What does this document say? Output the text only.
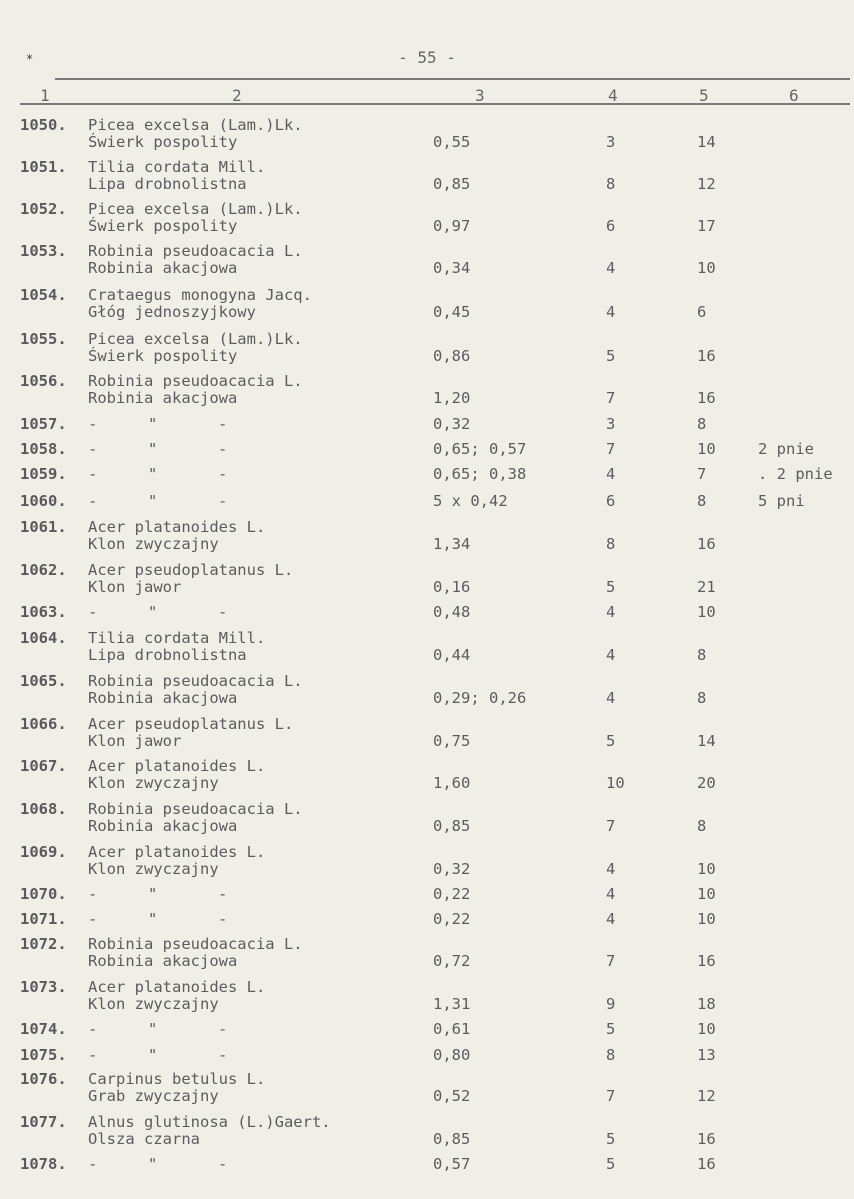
- 55 -
1	2	3	4	5	6
*
1050. Picea excelsa (Lam.)Lk.
Świerk pospolity	0,55	3	14
1051. Tilia cordata Mill.
Lipa drobnolistna	0,85	8	12
1052. Picea excelsa (Lam.)Lk.
Świerk pospolity	0,97	6	17
1053. Robinia pseudoacacia L.
Robinia akacjowa	0,34	4	10
1054. Crataegus monogyna Jacq.
Głóg jednoszyjkowy	0,45	4	6
1055. Picea excelsa (Lam.)Lk.
Świerk pospolity	0,86	5	16
1056. Robinia pseudoacacia L.
Robinia akacjowa	1,20	7	16
1057. -	"	-	0,32	3	8
1058. -	"	-	0,65; 0,57	7	10	2 pnie
1059. -	"	-	0,65; 0,38	4	7	. 2 pnie
1060. -	"	-	5 x 0,42	6	8	5 pni
1061. Acer platanoides L.
Klon zwyczajny	1,34	8	16
1062. Acer pseudoplatanus L.
Klon jawor	0,16	5	21
1063. -	"	-	0,48	4	10
1064. Tilia cordata Mill.
Lipa drobnolistna	0,44	4	8
1065. Robinia pseudoacacia L.
Robinia akacjowa	0,29; 0,26	4	8
1066. Acer pseudoplatanus L.
Klon jawor	0,75	5	14
1067. Acer platanoides L.
Klon zwyczajny	1,60	10	20
1068. Robinia pseudoacacia L.
Robinia akacjowa	0,85	7	8
1069. Acer platanoides L.
Klon zwyczajny	0,32	4	10
1070. -	"	-	0,22	4	10
1071. -	"	-	0,22	4	10
1072. Robinia pseudoacacia L.
Robinia akacjowa	0,72	7	16
1073. Acer platanoides L.
Klon zwyczajny	1,31	9	18
1074. -	"	-	0,61	5	10
1075. -	"	-	0,80	8	13
1076. Carpinus betulus L.
Grab zwyczajny	0,52	7	12
1077. Alnus glutinosa (L.)Gaert.
Olsza czarna	0,85	5	16
1078. -	"	-	0,57	5	16
